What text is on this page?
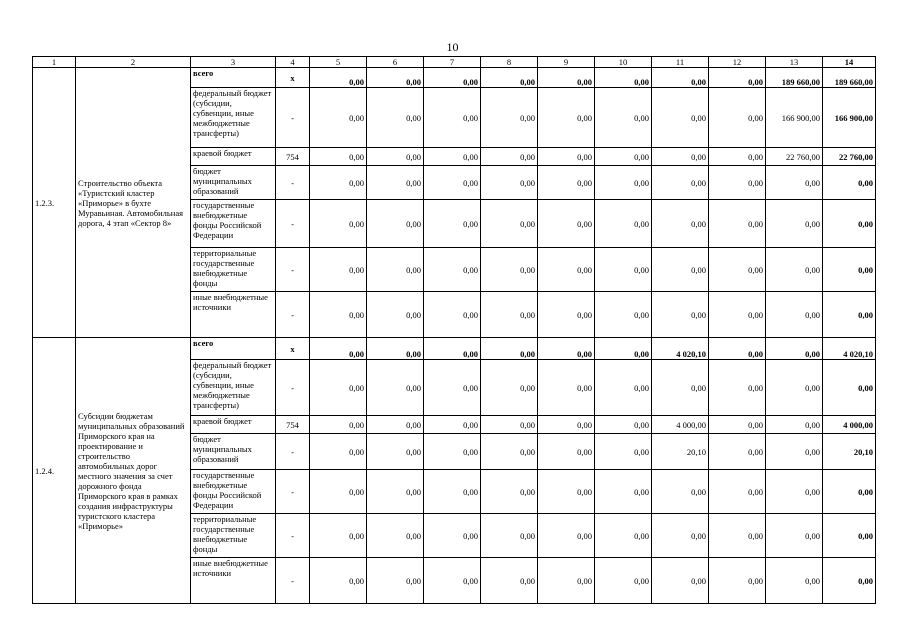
10
1	2	3	4	5	6	7	8	9	10	11	12	13	14
1.2.3.	Строительство объекта «Туристский кластер «Приморье» в бухте Муравьиная. Автомобильная дорога, 4 этап «Сектор 8»	всего	х	0,00	0,00	0,00	0,00	0,00	0,00	0,00	0,00	189 660,00	189 660,00
		федеральный бюджет (субсидии, субвенции, иные межбюджетные трансферты)	-	0,00	0,00	0,00	0,00	0,00	0,00	0,00	0,00	166 900,00	166 900,00
		краевой бюджет	754	0,00	0,00	0,00	0,00	0,00	0,00	0,00	0,00	22 760,00	22 760,00
		бюджет муниципальных образований	-	0,00	0,00	0,00	0,00	0,00	0,00	0,00	0,00	0,00	0,00
		государственные внебюджетные фонды Российской Федерации	-	0,00	0,00	0,00	0,00	0,00	0,00	0,00	0,00	0,00	0,00
		территориальные государственные внебюджетные фонды	-	0,00	0,00	0,00	0,00	0,00	0,00	0,00	0,00	0,00	0,00
		иные внебюджетные источники	-	0,00	0,00	0,00	0,00	0,00	0,00	0,00	0,00	0,00	0,00
1.2.4.	Субсидии бюджетам муниципальных образований Приморского края на проектирование и строительство автомобильных дорог местного значения за счет дорожного фонда Приморского края в рамках создания инфраструктуры туристского кластера «Приморье»	всего	х	0,00	0,00	0,00	0,00	0,00	0,00	4 020,10	0,00	0,00	4 020,10
		федеральный бюджет (субсидии, субвенции, иные межбюджетные трансферты)	-	0,00	0,00	0,00	0,00	0,00	0,00	0,00	0,00	0,00	0,00
		краевой бюджет	754	0,00	0,00	0,00	0,00	0,00	0,00	4 000,00	0,00	0,00	4 000,00
		бюджет муниципальных образований	-	0,00	0,00	0,00	0,00	0,00	0,00	20,10	0,00	0,00	20,10
		государственные внебюджетные фонды Российской Федерации	-	0,00	0,00	0,00	0,00	0,00	0,00	0,00	0,00	0,00	0,00
		территориальные государственные внебюджетные фонды	-	0,00	0,00	0,00	0,00	0,00	0,00	0,00	0,00	0,00	0,00
		иные внебюджетные источники	-	0,00	0,00	0,00	0,00	0,00	0,00	0,00	0,00	0,00	0,00
